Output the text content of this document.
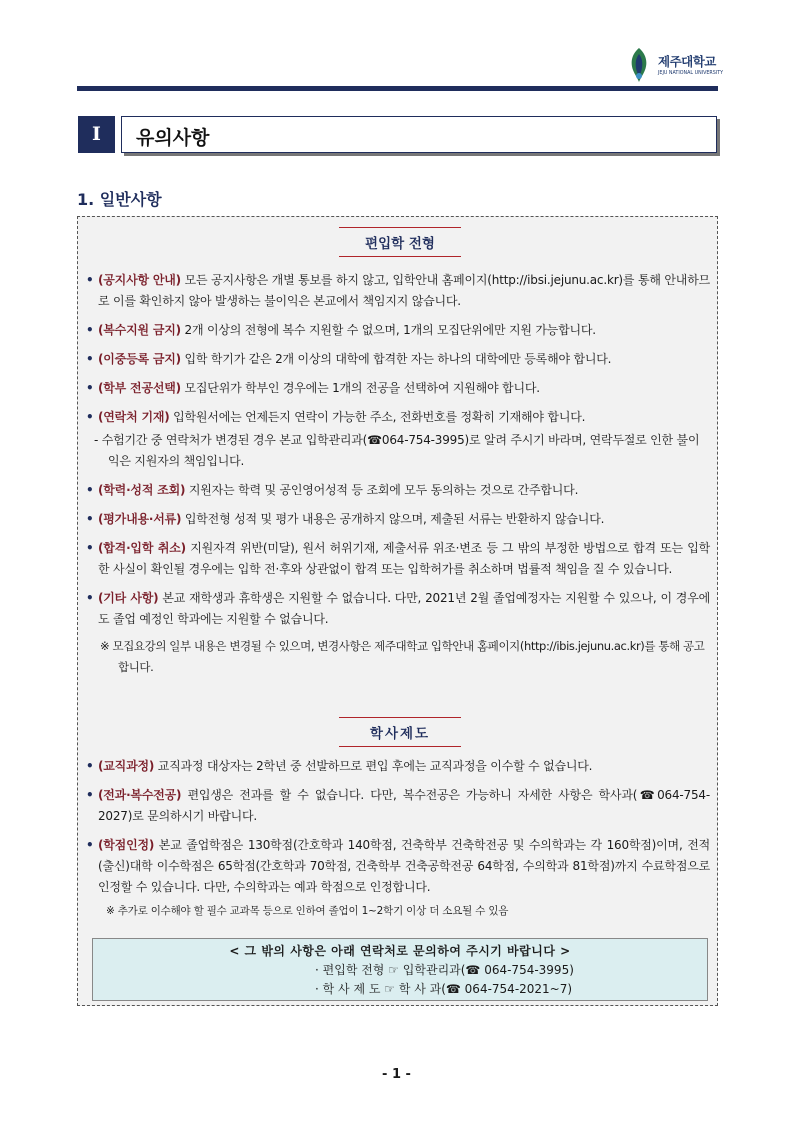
제주대학교
JEJU NATIONAL UNIVERSITY
I	유의사항
1. 일반사항
편입학 전형
• (공지사항 안내) 모든 공지사항은 개별 통보를 하지 않고, 입학안내 홈페이지(http://ibsi.jejunu.ac.kr)를 통해 안내하므로 이를 확인하지 않아 발생하는 불이익은 본교에서 책임지지 않습니다.
• (복수지원 금지) 2개 이상의 전형에 복수 지원할 수 없으며, 1개의 모집단위에만 지원 가능합니다.
• (이중등록 금지) 입학 학기가 같은 2개 이상의 대학에 합격한 자는 하나의 대학에만 등록해야 합니다.
• (학부 전공선택) 모집단위가 학부인 경우에는 1개의 전공을 선택하여 지원해야 합니다.
• (연락처 기재) 입학원서에는 언제든지 연락이 가능한 주소, 전화번호를 정확히 기재해야 합니다.
- 수험기간 중 연락처가 변경된 경우 본교 입학관리과(☎064-754-3995)로 알려 주시기 바라며, 연락두절로 인한 불이익은 지원자의 책임입니다.
• (학력·성적 조회) 지원자는 학력 및 공인영어성적 등 조회에 모두 동의하는 것으로 간주합니다.
• (평가내용·서류) 입학전형 성적 및 평가 내용은 공개하지 않으며, 제출된 서류는 반환하지 않습니다.
• (합격·입학 취소) 지원자격 위반(미달), 원서 허위기재, 제출서류 위조·변조 등 그 밖의 부정한 방법으로 합격 또는 입학한 사실이 확인될 경우에는 입학 전·후와 상관없이 합격 또는 입학허가를 취소하며 법률적 책임을 질 수 있습니다.
• (기타 사항) 본교 재학생과 휴학생은 지원할 수 없습니다. 다만, 2021년 2월 졸업예정자는 지원할 수 있으나, 이 경우에도 졸업 예정인 학과에는 지원할 수 없습니다.
※ 모집요강의 일부 내용은 변경될 수 있으며, 변경사항은 제주대학교 입학안내 홈페이지(http://ibis.jejunu.ac.kr)를 통해 공고합니다.
학사제도
• (교직과정) 교직과정 대상자는 2학년 중 선발하므로 편입 후에는 교직과정을 이수할 수 없습니다.
• (전과·복수전공) 편입생은 전과를 할 수 없습니다. 다만, 복수전공은 가능하니 자세한 사항은 학사과(☎064-754-2027)로 문의하시기 바랍니다.
• (학점인정) 본교 졸업학점은 130학점(간호학과 140학점, 건축학부 건축학전공 및 수의학과는 각 160학점)이며, 전적(출신)대학 이수학점은 65학점(간호학과 70학점, 건축학부 건축공학전공 64학점, 수의학과 81학점)까지 수료학점으로 인정할 수 있습니다. 다만, 수의학과는 예과 학점으로 인정합니다.
※ 추가로 이수해야 할 필수 교과목 등으로 인하여 졸업이 1~2학기 이상 더 소요될 수 있음
< 그 밖의 사항은 아래 연락처로 문의하여 주시기 바랍니다 >
· 편입학 전형 ☞ 입학관리과(☎ 064-754-3995)
· 학 사 제 도 ☞ 학 사 과(☎ 064-754-2021~7)
- 1 -
